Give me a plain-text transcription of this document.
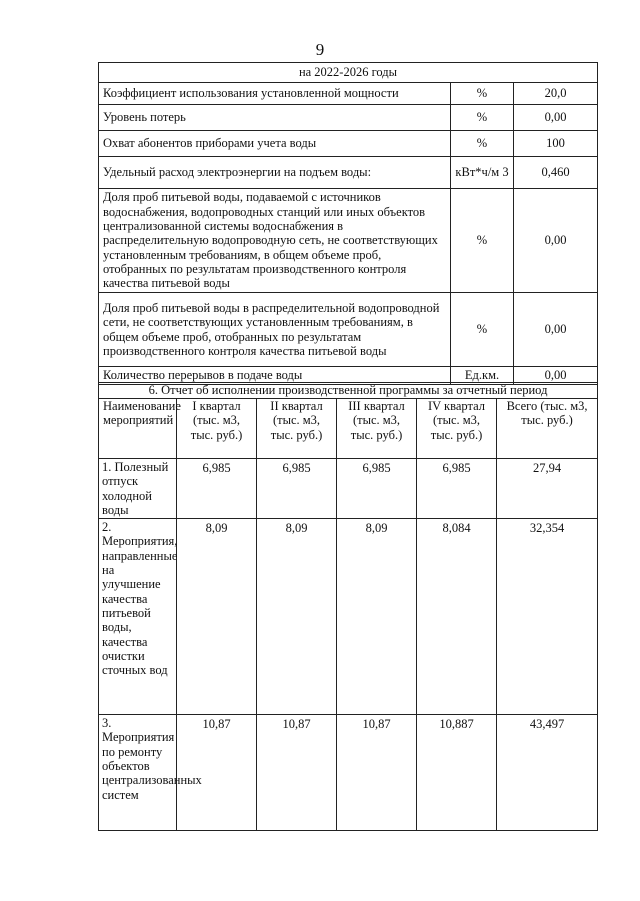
9
на 2022-2026 годы		
Коэффициент использования установленной мощности	%	20,0
Уровень потерь	%	0,00
Охват абонентов приборами учета воды	%	100
Удельный расход электроэнергии на подъем воды:	кВт*ч/м 3	0,460
Доля проб питьевой воды, подаваемой с источников водоснабжения, водопроводных станций или иных объектов централизованной системы водоснабжения в распределительную водопроводную сеть, не соответствующих установленным требованиям, в общем объеме проб, отобранных по результатам производственного контроля качества питьевой воды	%	0,00
Доля проб питьевой воды в распределительной водопроводной сети, не соответствующих установленным требованиям, в общем объеме проб, отобранных по результатам производственного контроля качества питьевой воды	%	0,00
Количество перерывов в подаче воды	Ед.км.	0,00
6. Отчет об исполнении производственной программы за отчетный период					
Наименование мероприятий	I квартал (тыс. м3, тыс. руб.)	II квартал (тыс. м3, тыс. руб.)	III квартал (тыс. м3, тыс. руб.)	IV квартал (тыс. м3, тыс. руб.)	Всего (тыс. м3, тыс. руб.)
1. Полезный отпуск холодной воды	6,985	6,985	6,985	6,985	27,94
2. Мероприятия, направленные на улучшение качества питьевой воды, качества очистки сточных вод	8,09	8,09	8,09	8,084	32,354
3. Мероприятия по ремонту объектов централизованных систем	10,87	10,87	10,87	10,887	43,497
